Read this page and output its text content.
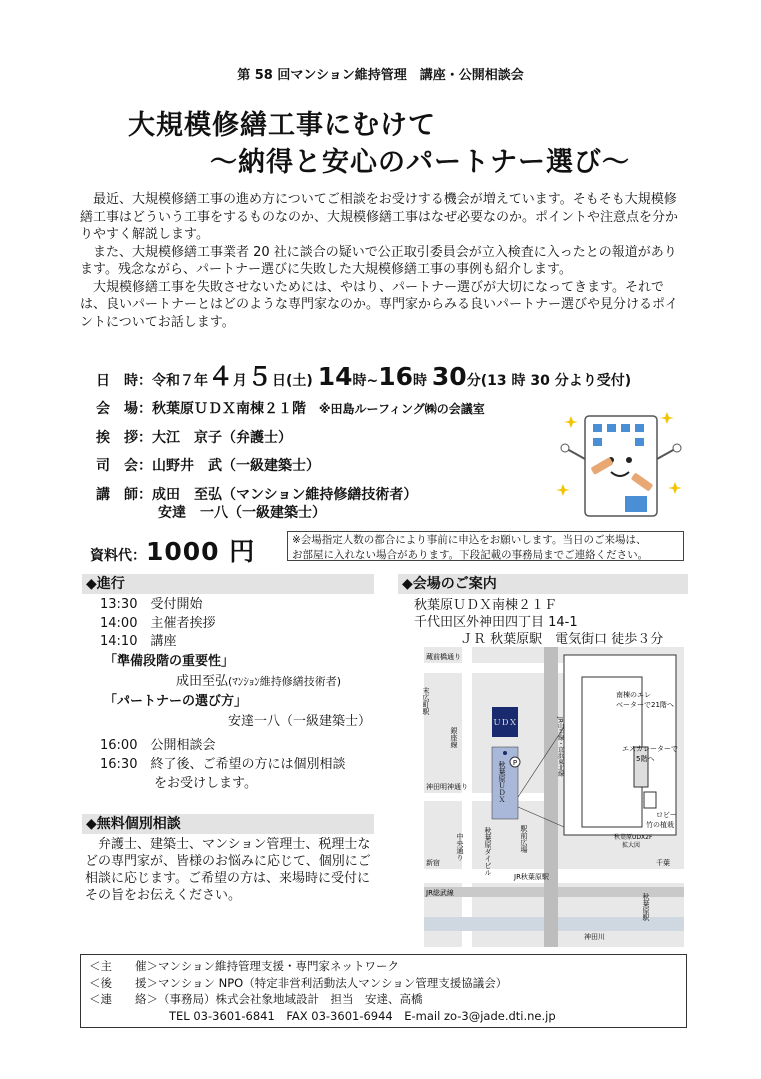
第 58 回マンション維持管理　講座・公開相談会
大規模修繕工事にむけて
～納得と安心のパートナー選び～

最近、大規模修繕工事の進め方についてご相談をお受けする機会が増えています。そもそも大規模修繕工事はどういう工事をするものなのか、大規模修繕工事はなぜ必要なのか。ポイントや注意点を分かりやすく解説します。

また、大規模修繕工事業者 20 社に談合の疑いで公正取引委員会が立入検査に入ったとの報道があります。残念ながら、パートナー選びに失敗した大規模修繕工事の事例も紹介します。

大規模修繕工事を失敗させないためには、やはり、パートナー選びが大切になってきます。それでは、良いパートナーとはどのような専門家なのか。専門家からみる良いパートナー選びや見分けるポイントについてお話します。

日　時：令和７年４月５日(土) 14時~16時 30分(13 時 30 分より受付)
会　場：秋葉原ＵＤＸ南棟２１階 ※田島ルーフィング㈱の会議室
挨　拶：大江　京子（弁護士）
司　会：山野井　武（一級建築士）
講　師：成田　至弘（マンション維持修繕技術者）
安達　一八（一級建築士）
資料代：1000 円	※会場指定人数の都合により事前に申込をお願いします。当日のご来場は、
お部屋に入れない場合があります。下段記載の事務局までご連絡ください。
◆進行
13:30　 受付開始
14:00　 主催者挨拶
14:10　 講座
「準備段階の重要性」
成田至弘(ﾏﾝｼｮﾝ維持修繕技術者)
「パートナーの選び方」
安達一八（一級建築士）
16:00　 公開相談会
16:30　 終了後、ご希望の方には個別相談
をお受けします。
◆無料個別相談

弁護士、建築士、マンション管理士、税理士などの専門家が、皆様のお悩みに応じて、個別にご相談に応じます。ご希望の方は、来場時に受付にその旨をお伝えください。

◆会場のご案内
秋葉原ＵＤＸ南棟２１Ｆ
千代田区外神田四丁目 14-1
ＪＲ 秋葉原駅　電気街口 徒歩３分
P
蔵前橋通り
末広町駅
銀座線
神田明神通り
中央通り	秋葉原ダイビル	駅前広場
新宿
JR秋葉原駅
JR総武線
千葉
秋葉原駅
神田川
ＵＤＸ
秋葉原ＵＤＸ
JR山手線・京浜東北線
南棟のエレ
ベーターで21階へ
エスカレーターで
5階へ
ロビー
竹の植栽
秋葉原UDX2F
拡大図
＜主　　催＞マンション維持管理支援・専門家ネットワーク
＜後　　援＞マンション NPO（特定非営利活動法人マンション管理支援協議会）
＜連　　絡＞（事務局）株式会社象地域設計　担当　安達、高橋
TEL 03-3601-6841　FAX 03-3601-6944　E-mail zo-3@jade.dti.ne.jp
